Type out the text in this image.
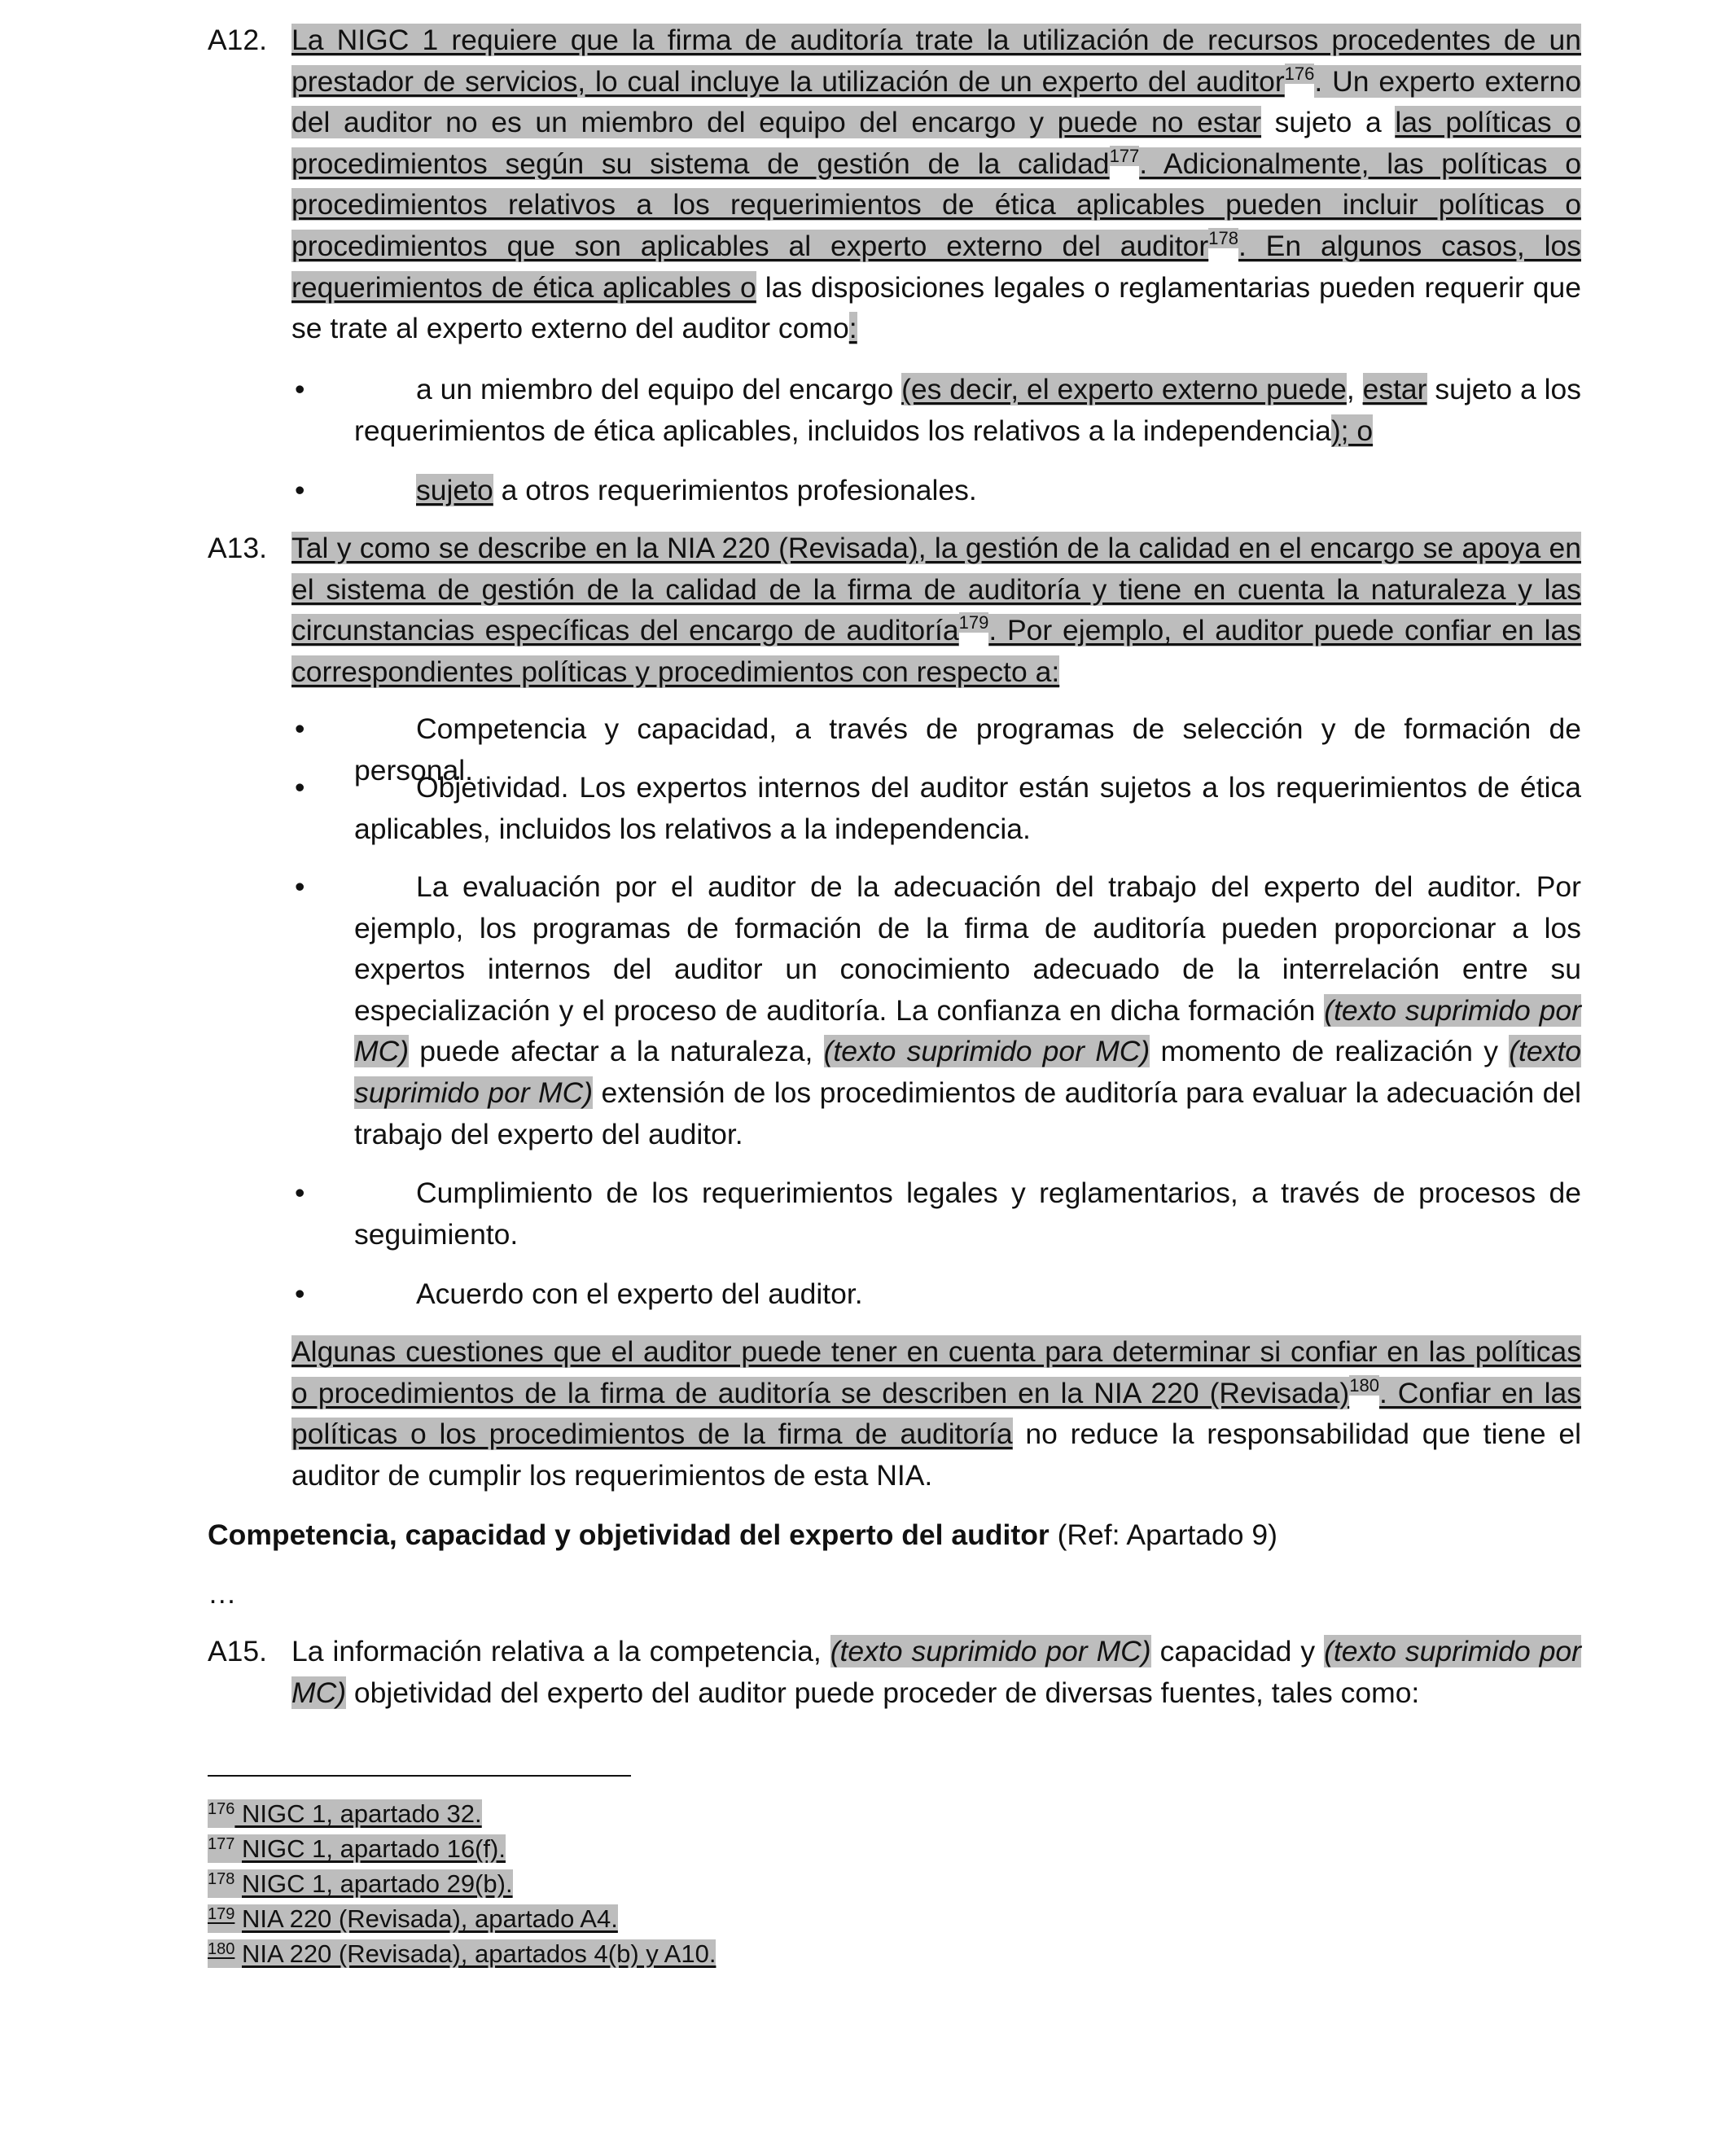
A12. La NIGC 1 requiere que la firma de auditoría trate la utilización de recursos procedentes de un prestador de servicios, lo cual incluye la utilización de un experto del auditor$^{176}$. Un experto externo del auditor no es un miembro del equipo del encargo y puede no estar sujeto a las políticas o procedimientos según su sistema de gestión de la calidad$^{177}$. Adicionalmente, las políticas o procedimientos relativos a los requerimientos de ética aplicables pueden incluir políticas o procedimientos que son aplicables al experto externo del auditor$^{178}$. En algunos casos, los requerimientos de ética aplicables o las disposiciones legales o reglamentarias pueden requerir que se trate al experto externo del auditor como:
•	a un miembro del equipo del encargo (es decir, el experto externo puede, estar sujeto a los requerimientos de ética aplicables, incluidos los relativos a la independencia); o
•	sujeto a otros requerimientos profesionales.
A13. Tal y como se describe en la NIA 220 (Revisada), la gestión de la calidad en el encargo se apoya en el sistema de gestión de la calidad de la firma de auditoría y tiene en cuenta la naturaleza y las circunstancias específicas del encargo de auditoría$^{179}$. Por ejemplo, el auditor puede confiar en las correspondientes políticas y procedimientos con respecto a:
•	Competencia y capacidad, a través de programas de selección y de formación de personal.
•	Objetividad. Los expertos internos del auditor están sujetos a los requerimientos de ética aplicables, incluidos los relativos a la independencia.
•	La evaluación por el auditor de la adecuación del trabajo del experto del auditor. Por ejemplo, los programas de formación de la firma de auditoría pueden proporcionar a los expertos internos del auditor un conocimiento adecuado de la interrelación entre su especialización y el proceso de auditoría. La confianza en dicha formación (texto suprimido por MC) puede afectar a la naturaleza, (texto suprimido por MC) momento de realización y (texto suprimido por MC) extensión de los procedimientos de auditoría para evaluar la adecuación del trabajo del experto del auditor.
•	Cumplimiento de los requerimientos legales y reglamentarios, a través de procesos de seguimiento.
•	Acuerdo con el experto del auditor.
Algunas cuestiones que el auditor puede tener en cuenta para determinar si confiar en las políticas o procedimientos de la firma de auditoría se describen en la NIA 220 (Revisada)$^{180}$. Confiar en las políticas o los procedimientos de la firma de auditoría no reduce la responsabilidad que tiene el auditor de cumplir los requerimientos de esta NIA.
Competencia, capacidad y objetividad del experto del auditor (Ref: Apartado 9)
…
A15. La información relativa a la competencia, (texto suprimido por MC) capacidad y (texto suprimido por MC) objetividad del experto del auditor puede proceder de diversas fuentes, tales como:
$^{176}$ NIGC 1, apartado 32.
$^{177}$ NIGC 1, apartado 16(f).
$^{178}$ NIGC 1, apartado 29(b).
$^{179}$ NIA 220 (Revisada), apartado A4.
$^{180}$ NIA 220 (Revisada), apartados 4(b) y A10.
